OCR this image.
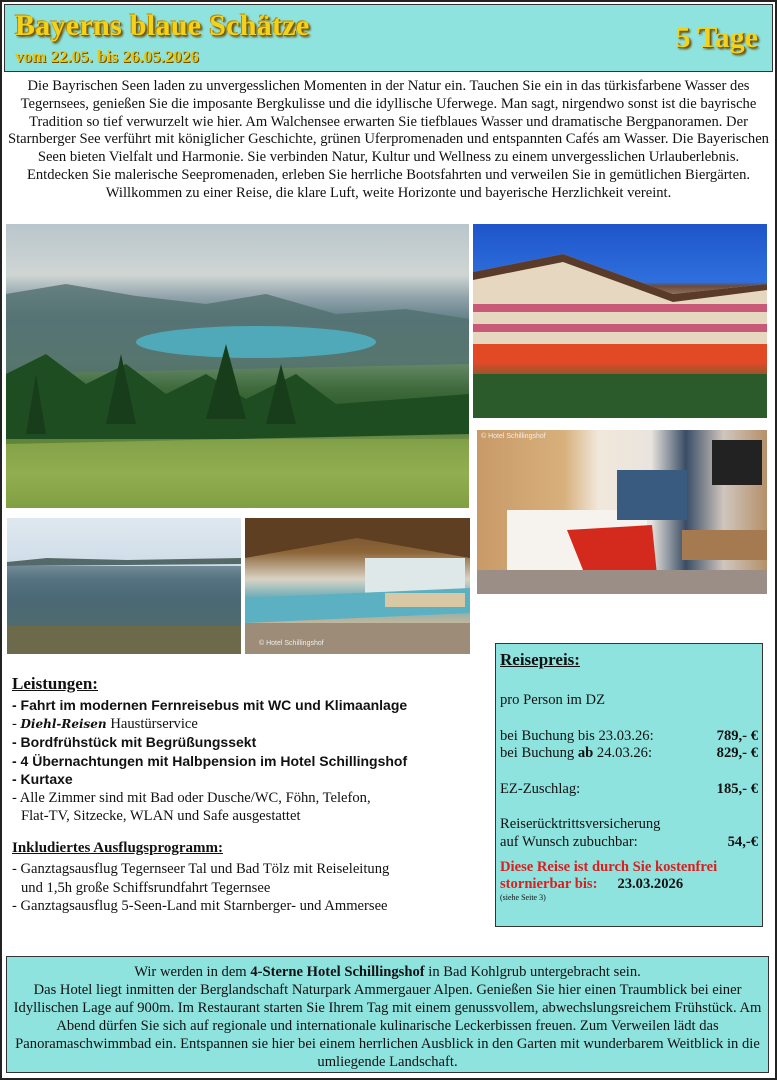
Bayerns blaue Schätze
vom 22.05. bis 26.05.2026
5 Tage
Die Bayrischen Seen laden zu unvergesslichen Momenten in der Natur ein. Tauchen Sie ein in das türkisfarbene Wasser des Tegernsees, genießen Sie die imposante Bergkulisse und die idyllische Uferwege. Man sagt, nirgendwo sonst ist die bayrische Tradition so tief verwurzelt wie hier. Am Walchensee erwarten Sie tiefblaues Wasser und dramatische Bergpanoramen. Der Starnberger See verführt mit königlicher Geschichte, grünen Uferpromenaden und entspannten Cafés am Wasser. Die Bayerischen Seen bieten Vielfalt und Harmonie. Sie verbinden Natur, Kultur und Wellness zu einem unvergesslichen Urlauberlebnis. Entdecken Sie malerische Seepromenaden, erleben Sie herrliche Bootsfahrten und verweilen Sie in gemütlichen Biergärten. Willkommen zu einer Reise, die klare Luft, weite Horizonte und bayerische Herzlichkeit vereint.
© Hotel Schillingshof
© Hotel Schillingshof
Leistungen:
- Fahrt im modernen Fernreisebus mit WC und Klimaanlage
- Diehl-Reisen Haustürservice
- Bordfrühstück mit Begrüßungssekt
- 4 Übernachtungen mit Halbpension im Hotel Schillingshof
- Kurtaxe
- Alle Zimmer sind mit Bad oder Dusche/WC, Föhn, Telefon,
Flat-TV, Sitzecke, WLAN und Safe ausgestattet
Inkludiertes Ausflugsprogramm:
- Ganztagsausflug Tegernseer Tal und Bad Tölz mit Reiseleitung
und 1,5h große Schiffsrundfahrt Tegernsee
- Ganztagsausflug 5-Seen-Land mit Starnberger- und Ammersee
Reisepreis:
pro Person im DZ
bei Buchung bis 23.03.26:	789,- €
bei Buchung ab 24.03.26:	829,- €
EZ-Zuschlag:	185,- €
Reiserücktrittsversicherung
auf Wunsch zubuchbar:	54,-€
Diese Reise ist durch Sie kostenfrei
stornierbar bis: 23.03.2026
(siehe Seite 3)
Wir werden in dem 4-Sterne Hotel Schillingshof in Bad Kohlgrub untergebracht sein.
Das Hotel liegt inmitten der Berglandschaft Naturpark Ammergauer Alpen. Genießen Sie hier einen Traumblick bei einer Idyllischen Lage auf 900m. Im Restaurant starten Sie Ihrem Tag mit einem genussvollem, abwechslungsreichem Frühstück. Am Abend dürfen Sie sich auf regionale und internationale kulinarische Leckerbissen freuen. Zum Verweilen lädt das Panoramaschwimmbad ein. Entspannen sie hier bei einem herrlichen Ausblick in den Garten mit wunderbarem Weitblick in die umliegende Landschaft.
